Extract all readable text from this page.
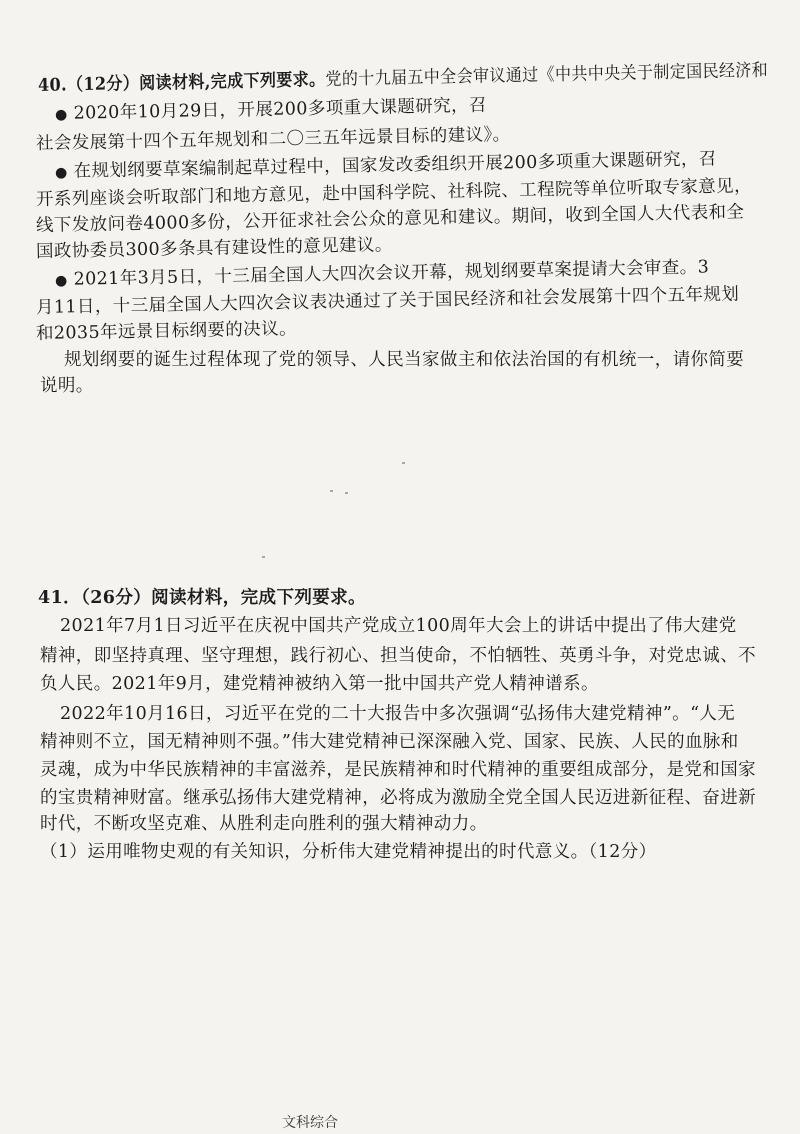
40.（12分）阅读材料,完成下列要求。党的十九届五中全会审议通过《中共中央关于制定国民经济和
● 2020年10月29日，开展200多项重大课题研究，召
社会发展第十四个五年规划和二〇三五年远景目标的建议》。
● 在规划纲要草案编制起草过程中，国家发改委组织开展200多项重大课题研究，召
开系列座谈会听取部门和地方意见，赴中国科学院、社科院、工程院等单位听取专家意见，
线下发放问卷4000多份，公开征求社会公众的意见和建议。期间，收到全国人大代表和全
国政协委员300多条具有建设性的意见建议。
● 2021年3月5日，十三届全国人大四次会议开幕，规划纲要草案提请大会审查。3
月11日，十三届全国人大四次会议表决通过了关于国民经济和社会发展第十四个五年规划
和2035年远景目标纲要的决议。
规划纲要的诞生过程体现了党的领导、人民当家做主和依法治国的有机统一，请你简要
说明。
41．（26分）阅读材料，完成下列要求。
2021年7月1日习近平在庆祝中国共产党成立100周年大会上的讲话中提出了伟大建党
精神，即坚持真理、坚守理想，践行初心、担当使命，不怕牺牲、英勇斗争，对党忠诚、不
负人民。2021年9月，建党精神被纳入第一批中国共产党人精神谱系。
2022年10月16日，习近平在党的二十大报告中多次强调“弘扬伟大建党精神”。“人无
精神则不立，国无精神则不强。”伟大建党精神已深深融入党、国家、民族、人民的血脉和
灵魂，成为中华民族精神的丰富滋养，是民族精神和时代精神的重要组成部分，是党和国家
的宝贵精神财富。继承弘扬伟大建党精神，必将成为激励全党全国人民迈进新征程、奋进新
时代，不断攻坚克难、从胜利走向胜利的强大精神动力。
（1）运用唯物史观的有关知识，分析伟大建党精神提出的时代意义。（12分）
文科综合
